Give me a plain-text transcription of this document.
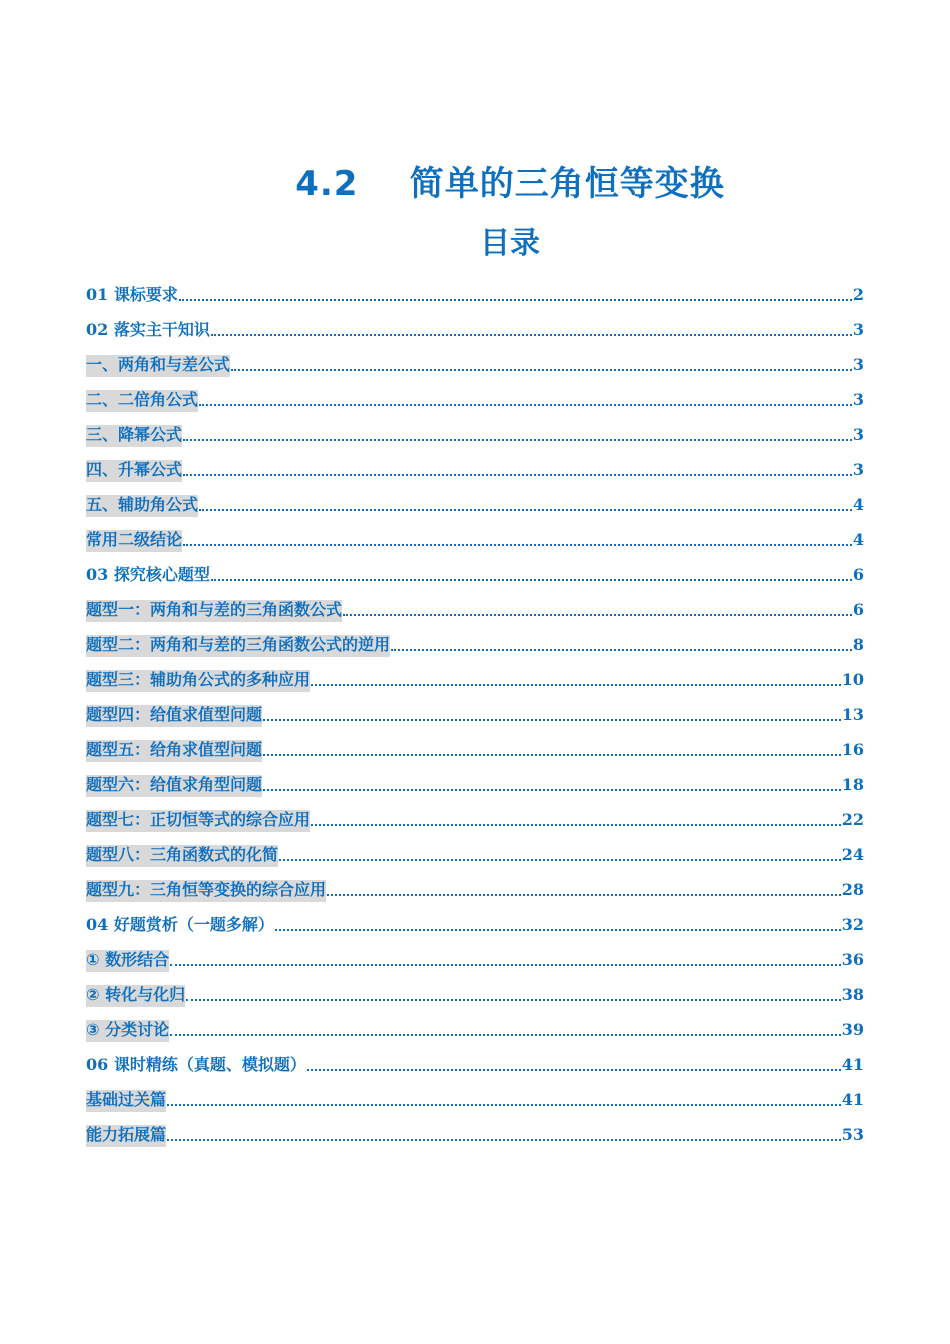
4.2    简单的三角恒等变换
目录
01 课标要求	2
02 落实主干知识	3
一、两角和与差公式	3
二、二倍角公式	3
三、降幂公式	3
四、升幂公式	3
五、辅助角公式	4
常用二级结论	4
03 探究核心题型	6
题型一：两角和与差的三角函数公式	6
题型二：两角和与差的三角函数公式的逆用	8
题型三：辅助角公式的多种应用	10
题型四：给值求值型问题	13
题型五：给角求值型问题	16
题型六：给值求角型问题	18
题型七：正切恒等式的综合应用	22
题型八：三角函数式的化简	24
题型九：三角恒等变换的综合应用	28
04 好题赏析（一题多解）	32
① 数形结合	36
② 转化与化归	38
③ 分类讨论	39
06 课时精练（真题、模拟题）	41
基础过关篇	41
能力拓展篇	53
